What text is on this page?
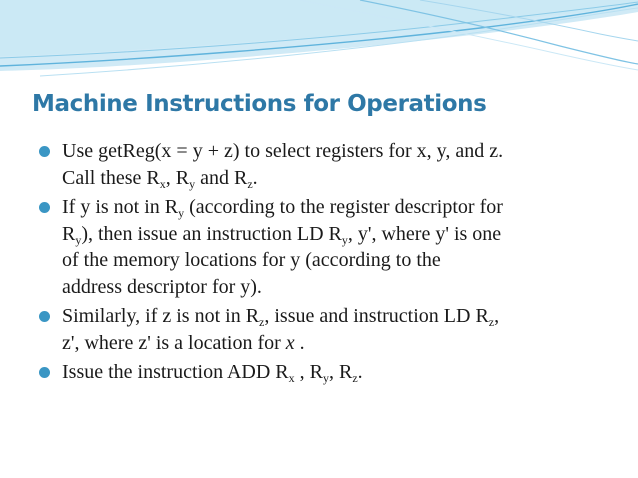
Machine Instructions for Operations
Use getReg(x = y + z) to select registers for x, y, and z.
Call these $R_x$, $R_y$ and $R_z$.
If y is not in $R_y$ (according to the register descriptor for
$R_y$), then issue an instruction LD $R_y$, y', where y' is one
of the memory locations for y (according to the
address descriptor for y).
Similarly, if z is not in $R_z$, issue and instruction LD $R_z$,
z', where z' is a location for x .
Issue the instruction ADD $R_x$ , $R_y$, $R_z$.
